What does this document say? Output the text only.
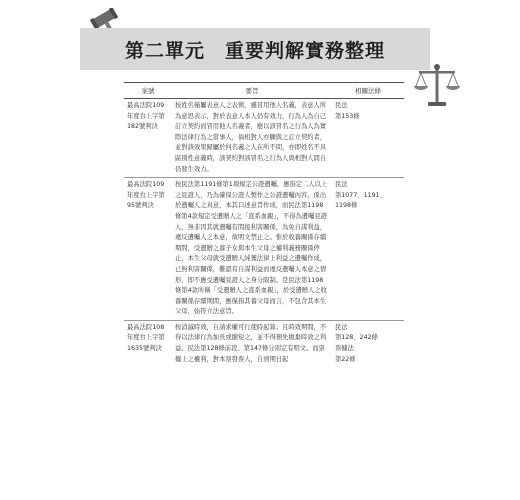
第二單元　重要判解實務整理
案號	要旨	相關法條
最高法院109年度台上字第182號判決	按姓名僅屬表意人之表徵，雖冒用他人名義，表意人所為意思表示，對於表意人本人仍有效力，行為人為自己訂立契約而冒用他人名義者，應以該冒名之行為人為實際法律行為之當事人，倘相對人亦願與之訂立契約者，並對該效果歸屬於何名義之人在所不問，亦即姓名不具區別性意義時，該契約對該冒名之行為人與相對人間自仍發生效力。	民法
第153條
最高法院109年度台上字第95號判決	按民法第1191條第1項規定公證遺囑，應指定二人以上之見證人，乃為確保公證人製作之公證遺囑內容，係出於遺囑人之真意，本其口述意旨作成，而民法第1198條第4款規定受遺贈人之「直系血親」，不得為遺囑見證人，無非因其就遺囑有間接利害關係，為免自謀利益，違反遺囑人之本意，故明文禁止之。惟於收養關係存續期間，受遺贈之養子女與本生父母之權利義務關係停止，本生父母就受遺贈人純獲法律上利益之遺囑作成，已無利害關係，難認有自謀利益而違反遺囑人本意之情形，即不應受遺囑見證人之身分限制。是民法第1198條第4款所稱「受遺贈人之直系血親」，於受遺贈人之收養關係存續期間，應僅指其養父母而言，不包含其本生父母，始符立法意旨。	民法
第1077、1191、1198條
最高法院108年度台上字第1635號判決	按消滅時效，自請求權可行使時起算；且時效期間，不得以法律行為加長或縮短之，並不得預先拋棄時效之利益。民法第128條前段、第147條分別定有明文。而票據上之權利，對本票發票人，自到期日起	民法
第128、242條
票據法
第22條
